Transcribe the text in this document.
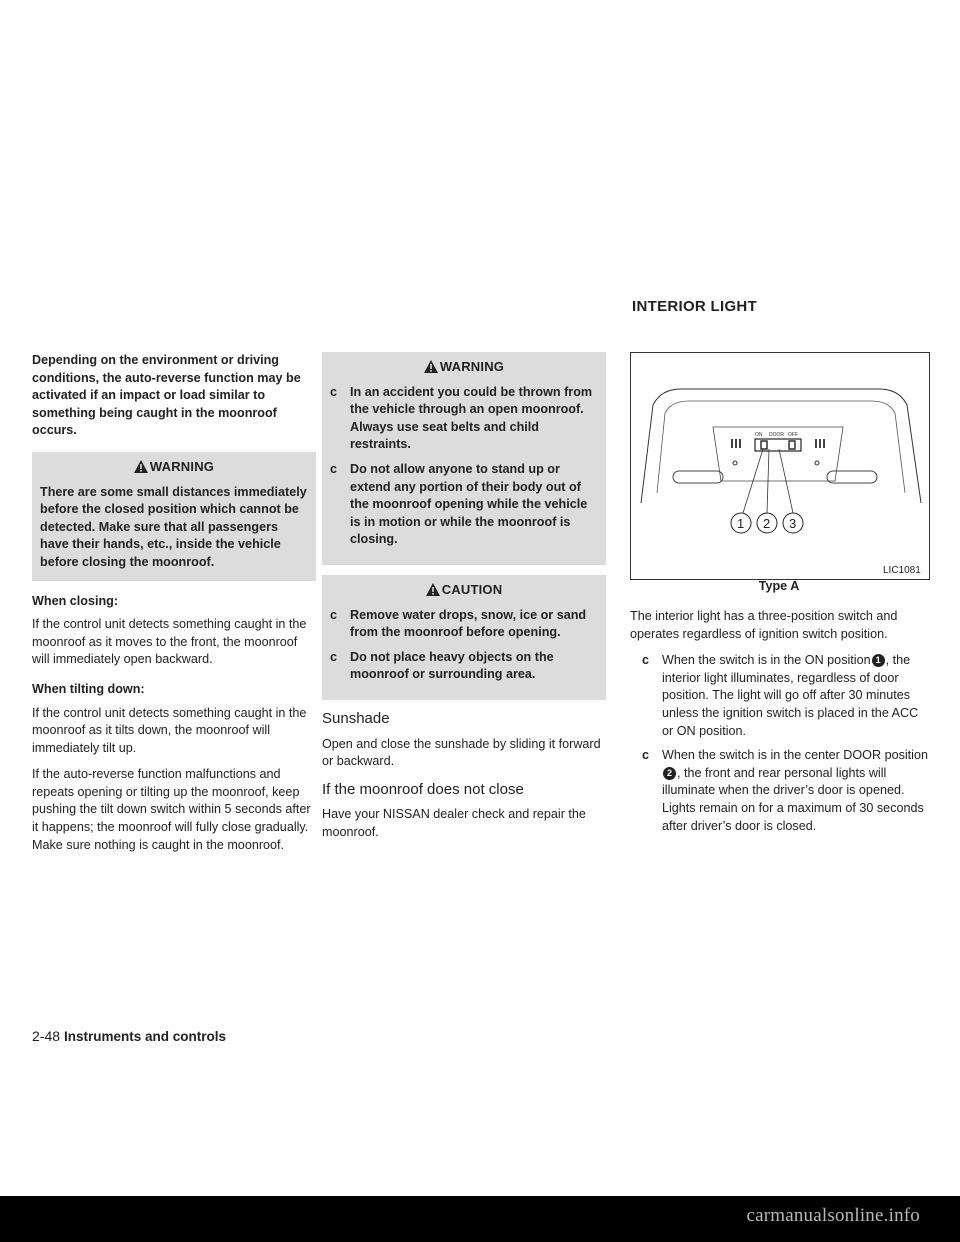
INTERIOR LIGHT

Depending on the environment or driving conditions, the auto-reverse function may be activated if an impact or load similar to something being caught in the moonroof occurs.

WARNING
There are some small distances immediately before the closed position which cannot be detected. Make sure that all passengers have their hands, etc., inside the vehicle before closing the moonroof.
When closing:

If the control unit detects something caught in the moonroof as it moves to the front, the moonroof will immediately open backward.

When tilting down:

If the control unit detects something caught in the moonroof as it tilts down, the moonroof will immediately tilt up.

If the auto-reverse function malfunctions and repeats opening or tilting up the moonroof, keep pushing the tilt down switch within 5 seconds after it happens; the moonroof will fully close gradually. Make sure nothing is caught in the moonroof.

WARNING
c In an accident you could be thrown from the vehicle through an open moonroof. Always use seat belts and child restraints.
c Do not allow anyone to stand up or extend any portion of their body out of the moonroof opening while the vehicle is in motion or while the moonroof is closing.
CAUTION
c Remove water drops, snow, ice or sand from the moonroof before opening.
c Do not place heavy objects on the moonroof or surrounding area.
Sunshade

Open and close the sunshade by sliding it forward or backward.

If the moonroof does not close

Have your NISSAN dealer check and repair the moonroof.

ON DOOR OFF
1 2 3
LIC1081
Type A

The interior light has a three-position switch and operates regardless of ignition switch position.

c When the switch is in the ON position 1 , the interior light illuminates, regardless of door position. The light will go off after 30 minutes unless the ignition switch is placed in the ACC or ON position.
c When the switch is in the center DOOR position 2 , the front and rear personal lights will illuminate when the driver’s door is opened. Lights remain on for a maximum of 30 seconds after driver’s door is closed.
2-48 Instruments and controls
carmanualsonline.info
